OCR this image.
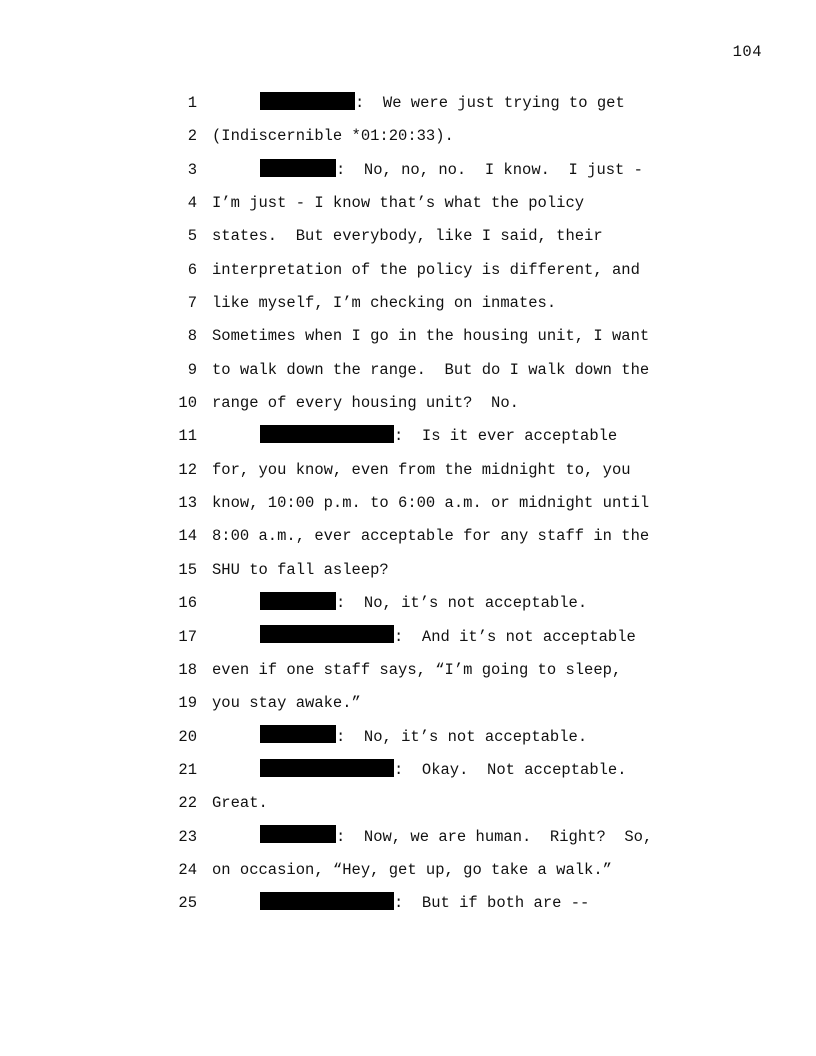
104
1	:  We were just trying to get
2 (Indiscernible *01:20:33).
3	:  No, no, no.  I know.  I just -
4 I’m just - I know that’s what the policy
5 states.  But everybody, like I said, their
6 interpretation of the policy is different, and
7 like myself, I’m checking on inmates.
8 Sometimes when I go in the housing unit, I want
9 to walk down the range.  But do I walk down the
10 range of every housing unit?  No.
11	:  Is it ever acceptable
12 for, you know, even from the midnight to, you
13 know, 10:00 p.m. to 6:00 a.m. or midnight until
14 8:00 a.m., ever acceptable for any staff in the
15 SHU to fall asleep?
16	:  No, it’s not acceptable.
17	:  And it’s not acceptable
18 even if one staff says, “I’m going to sleep,
19 you stay awake.”
20	:  No, it’s not acceptable.
21	:  Okay.  Not acceptable.
22 Great.
23	:  Now, we are human.  Right?  So,
24 on occasion, “Hey, get up, go take a walk.”
25	:  But if both are --
